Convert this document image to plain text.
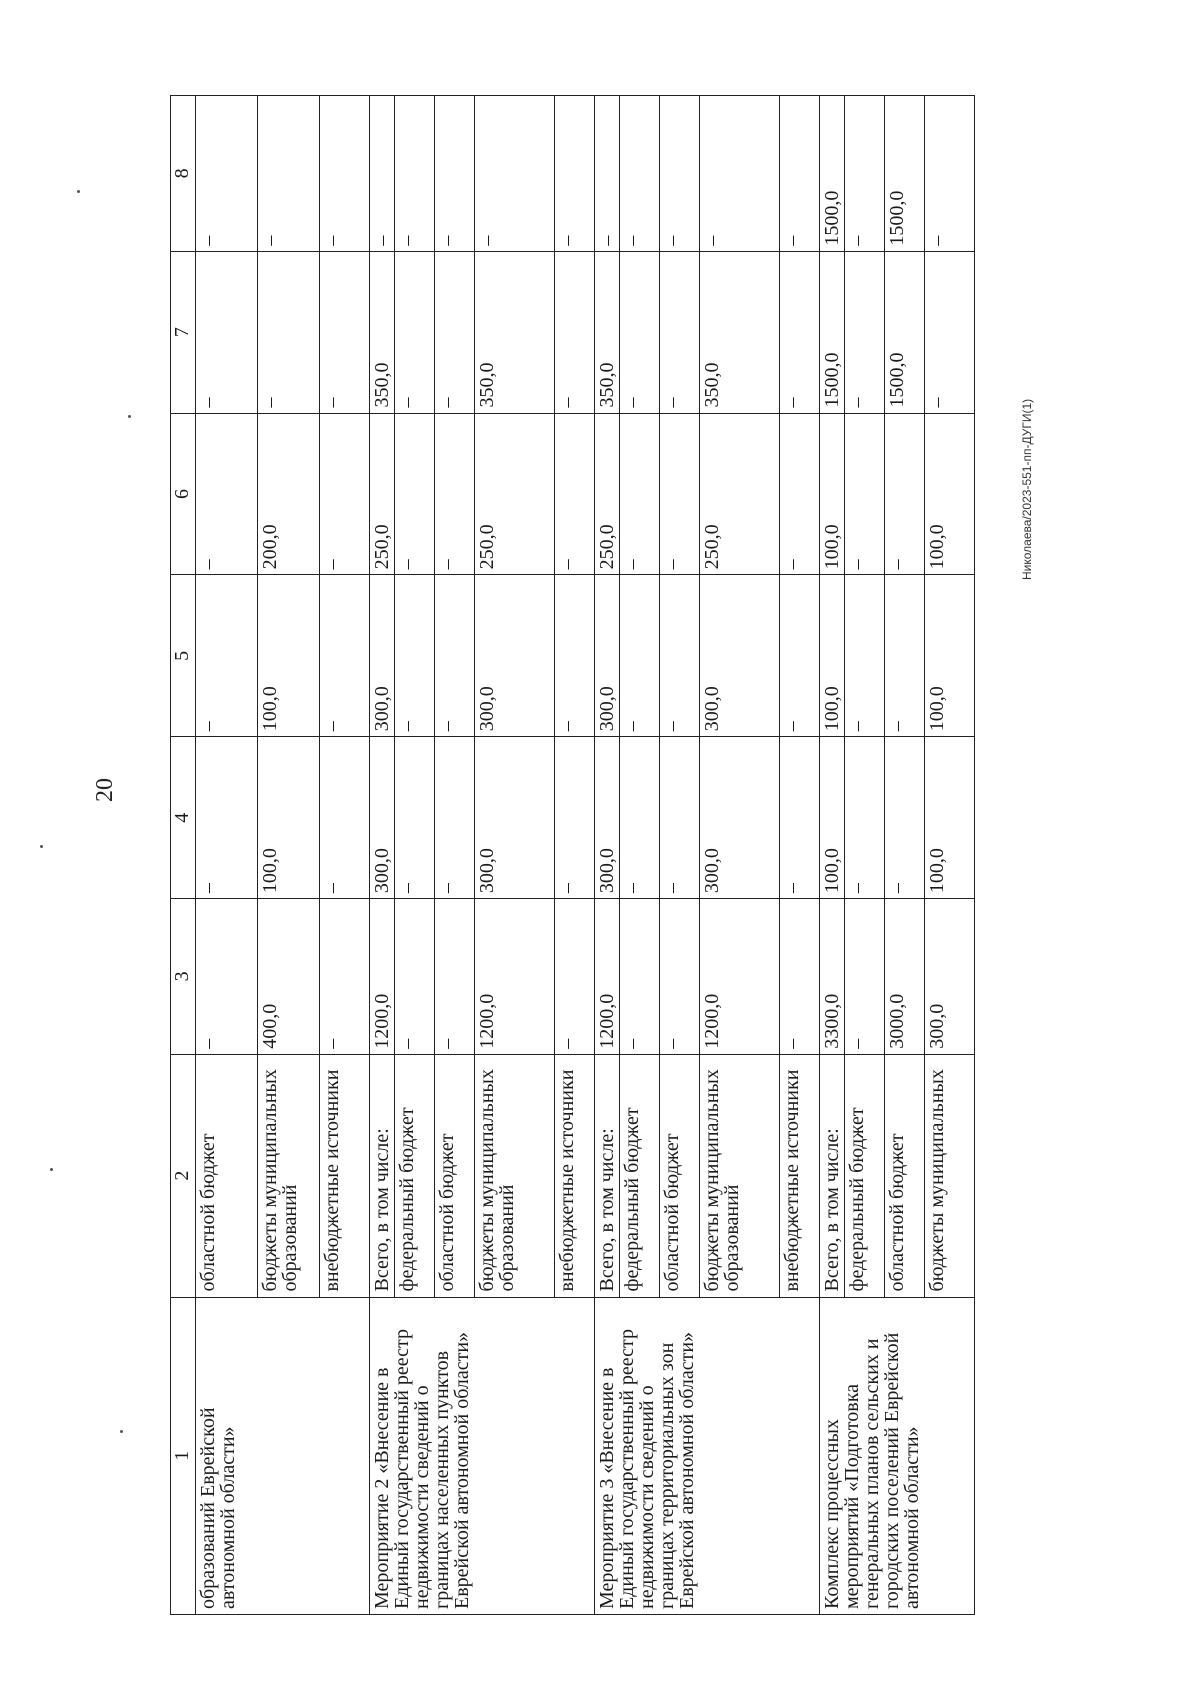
20
Николаева/2023-551-пп-ДУГИ(1)
1	2	3	4	5	6	7	8
образований Еврейской автономной области»	областной бюджет	–	–	–	–	–	–
	бюджеты муниципальных образований	400,0	100,0	100,0	200,0	–	–
	внебюджетные источники	–	–	–	–	–	–
Мероприятие 2 «Внесение в Единый государственный реестр недвижимости сведений о границах населенных пунктов Еврейской автономной области»	Всего, в том числе:	1200,0	300,0	300,0	250,0	350,0	–
	федеральный бюджет	–	–	–	–	–	–
	областной бюджет	–	–	–	–	–	–
	бюджеты муниципальных образований	1200,0	300,0	300,0	250,0	350,0	–
	внебюджетные источники	–	–	–	–	–	–
Мероприятие 3 «Внесение в Единый государственный реестр недвижимости сведений о границах территориальных зон Еврейской автономной области»	Всего, в том числе:	1200,0	300,0	300,0	250,0	350,0	–
	федеральный бюджет	–	–	–	–	–	–
	областной бюджет	–	–	–	–	–	–
	бюджеты муниципальных образований	1200,0	300,0	300,0	250,0	350,0	–
	внебюджетные источники	–	–	–	–	–	–
Комплекс процессных мероприятий «Подготовка генеральных планов сельских и городских поселений Еврейской автономной области»	Всего, в том числе:	3300,0	100,0	100,0	100,0	1500,0	1500,0
	федеральный бюджет	–	–	–	–	–	–
	областной бюджет	3000,0	–	–	–	1500,0	1500,0
	бюджеты муниципальных	300,0	100,0	100,0	100,0	–	–
